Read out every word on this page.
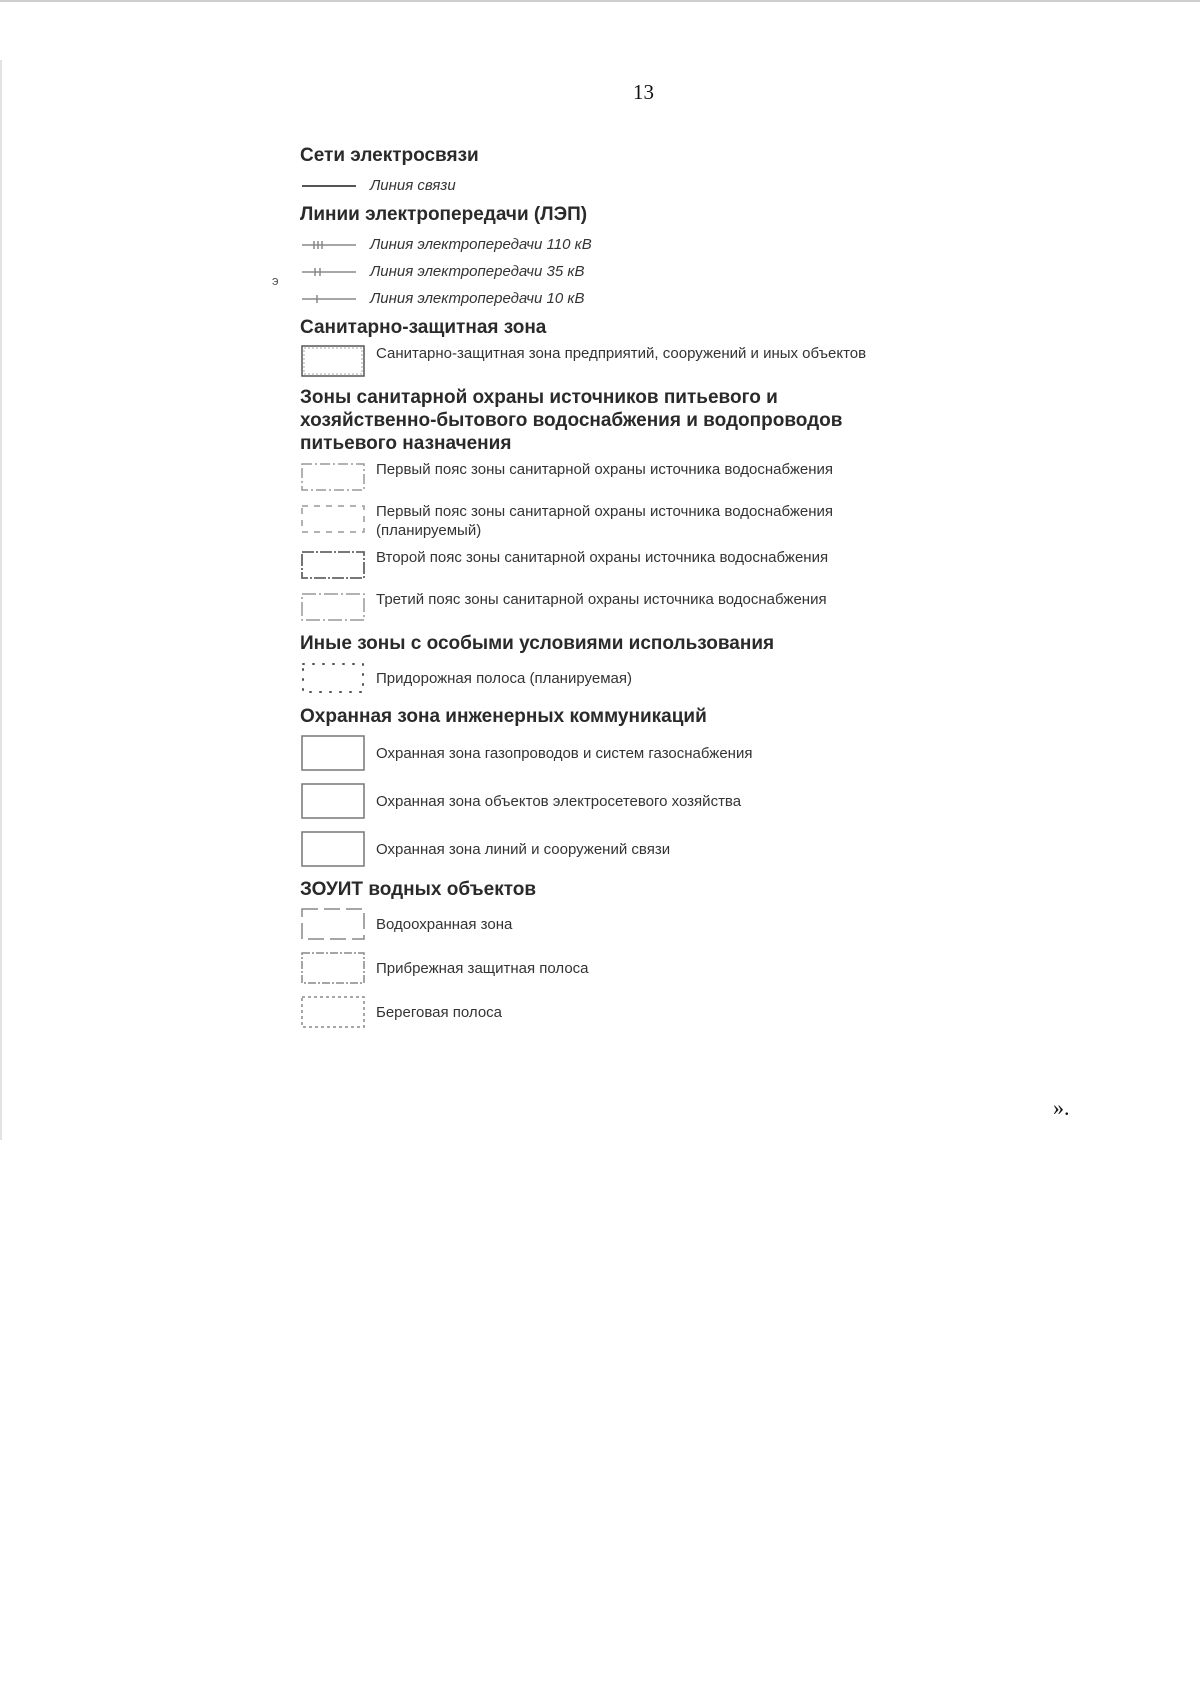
13
э
Сети электросвязи
Линия связи
Линии электропередачи (ЛЭП)
Линия электропередачи 110 кВ
Линия электропередачи 35 кВ
Линия электропередачи 10 кВ
Санитарно-защитная зона
Санитарно-защитная зона предприятий, сооружений и иных объектов
Зоны санитарной охраны источников питьевого и хозяйственно-бытового водоснабжения и водопроводов питьевого назначения
Первый пояс зоны санитарной охраны источника водоснабжения
Первый пояс зоны санитарной охраны источника водоснабжения (планируемый)
Второй пояс зоны санитарной охраны источника водоснабжения
Третий пояс зоны санитарной охраны источника водоснабжения
Иные зоны с особыми условиями использования
Придорожная полоса (планируемая)
Охранная зона инженерных коммуникаций
Охранная зона газопроводов и систем газоснабжения
Охранная зона объектов электросетевого хозяйства
Охранная зона линий и сооружений связи
ЗОУИТ водных объектов
Водоохранная зона
Прибрежная защитная полоса
Береговая полоса
».
